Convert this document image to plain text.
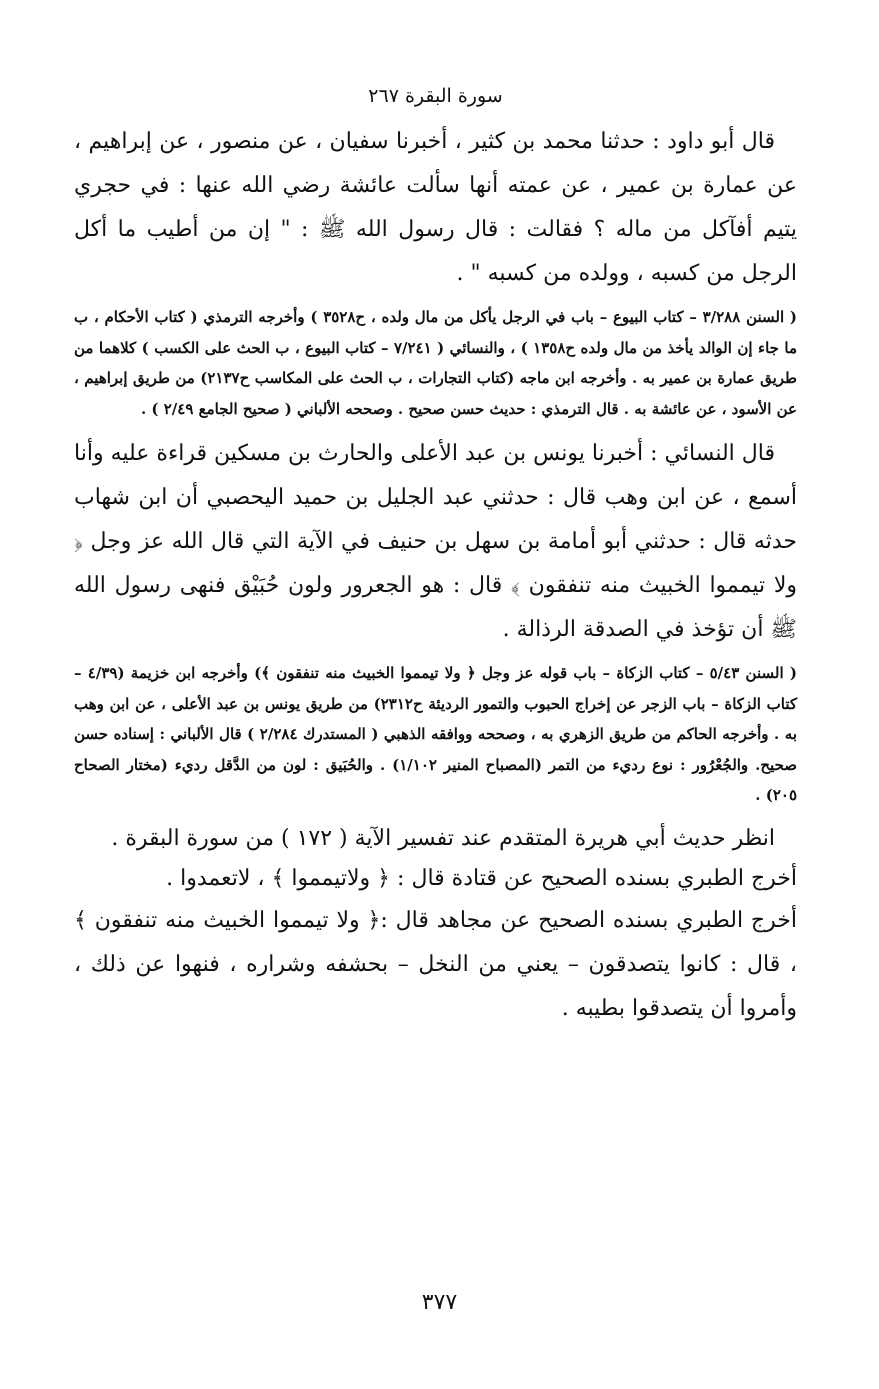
سورة البقرة ٢٦٧

قال أبو داود : حدثنا محمد بن كثير ، أخبرنا سفيان ، عن منصور ، عن إبراهيم ، عن عمارة بن عمير ، عن عمته أنها سألت عائشة رضي الله عنها : في حجري يتيم أفآكل من ماله ؟ فقالت : قال رسول الله ﷺ : " إن من أطيب ما أكل الرجل من كسبه ، وولده من كسبه " .

( السنن ٣/٢٨٨ – كتاب البيوع – باب في الرجل يأكل من مال ولده ، ح٣٥٢٨ ) وأخرجه الترمذي ( كتاب الأحكام ، ب ما جاء إن الوالد يأخذ من مال ولده ح١٣٥٨ ) ، والنسائي ( ٧/٢٤١ – كتاب البيوع ، ب الحث على الكسب ) كلاهما من طريق عمارة بن عمير به . وأخرجه ابن ماجه (كتاب التجارات ، ب الحث على المكاسب ح٢١٣٧) من طريق إبراهيم ، عن الأسود ، عن عائشة به . قال الترمذي : حديث حسن صحيح . وصححه الألباني ( صحيح الجامع ٢/٤٩ ) .

قال النسائي : أخبرنا يونس بن عبد الأعلى والحارث بن مسكين قراءة عليه وأنا أسمع ، عن ابن وهب قال : حدثني عبد الجليل بن حميد اليحصبي أن ابن شهاب حدثه قال : حدثني أبو أمامة بن سهل بن حنيف في الآية التي قال الله عز وجل ﴿ ولا تيمموا الخبيث منه تنفقون ﴾ قال : هو الجعرور ولون حُبَيْق فنهى رسول الله ﷺ أن تؤخذ في الصدقة الرذالة .

( السنن ٥/٤٣ – كتاب الزكاة – باب قوله عز وجل ﴿ ولا تيمموا الخبيث منه تنفقون ﴾) وأخرجه ابن خزيمة (٤/٣٩ – كتاب الزكاة – باب الزجر عن إخراج الحبوب والتمور الرديئة ح٢٣١٢) من طريق يونس بن عبد الأعلى ، عن ابن وهب به . وأخرجه الحاكم من طريق الزهري به ، وصححه ووافقه الذهبي ( المستدرك ٢/٢٨٤ ) قال الألباني : إسناده حسن صحيح. والجُعْرُور : نوع رديء من التمر (المصباح المنير ١/١٠٢) . والحُبَيق : لون من الدَّقل رديء (مختار الصحاح ٢٠٥) .

انظر حديث أبي هريرة المتقدم عند تفسير الآية ( ١٧٢ ) من سورة البقرة .

أخرج الطبري بسنده الصحيح عن قتادة قال : ﴿ ولاتيمموا ﴾ ، لاتعمدوا .

أخرج الطبري بسنده الصحيح عن مجاهد قال :﴿ ولا تيمموا الخبيث منه تنفقون ﴾ ، قال : كانوا يتصدقون – يعني من النخل – بحشفه وشراره ، فنهوا عن ذلك ، وأمروا أن يتصدقوا بطيبه .

٣٧٧
